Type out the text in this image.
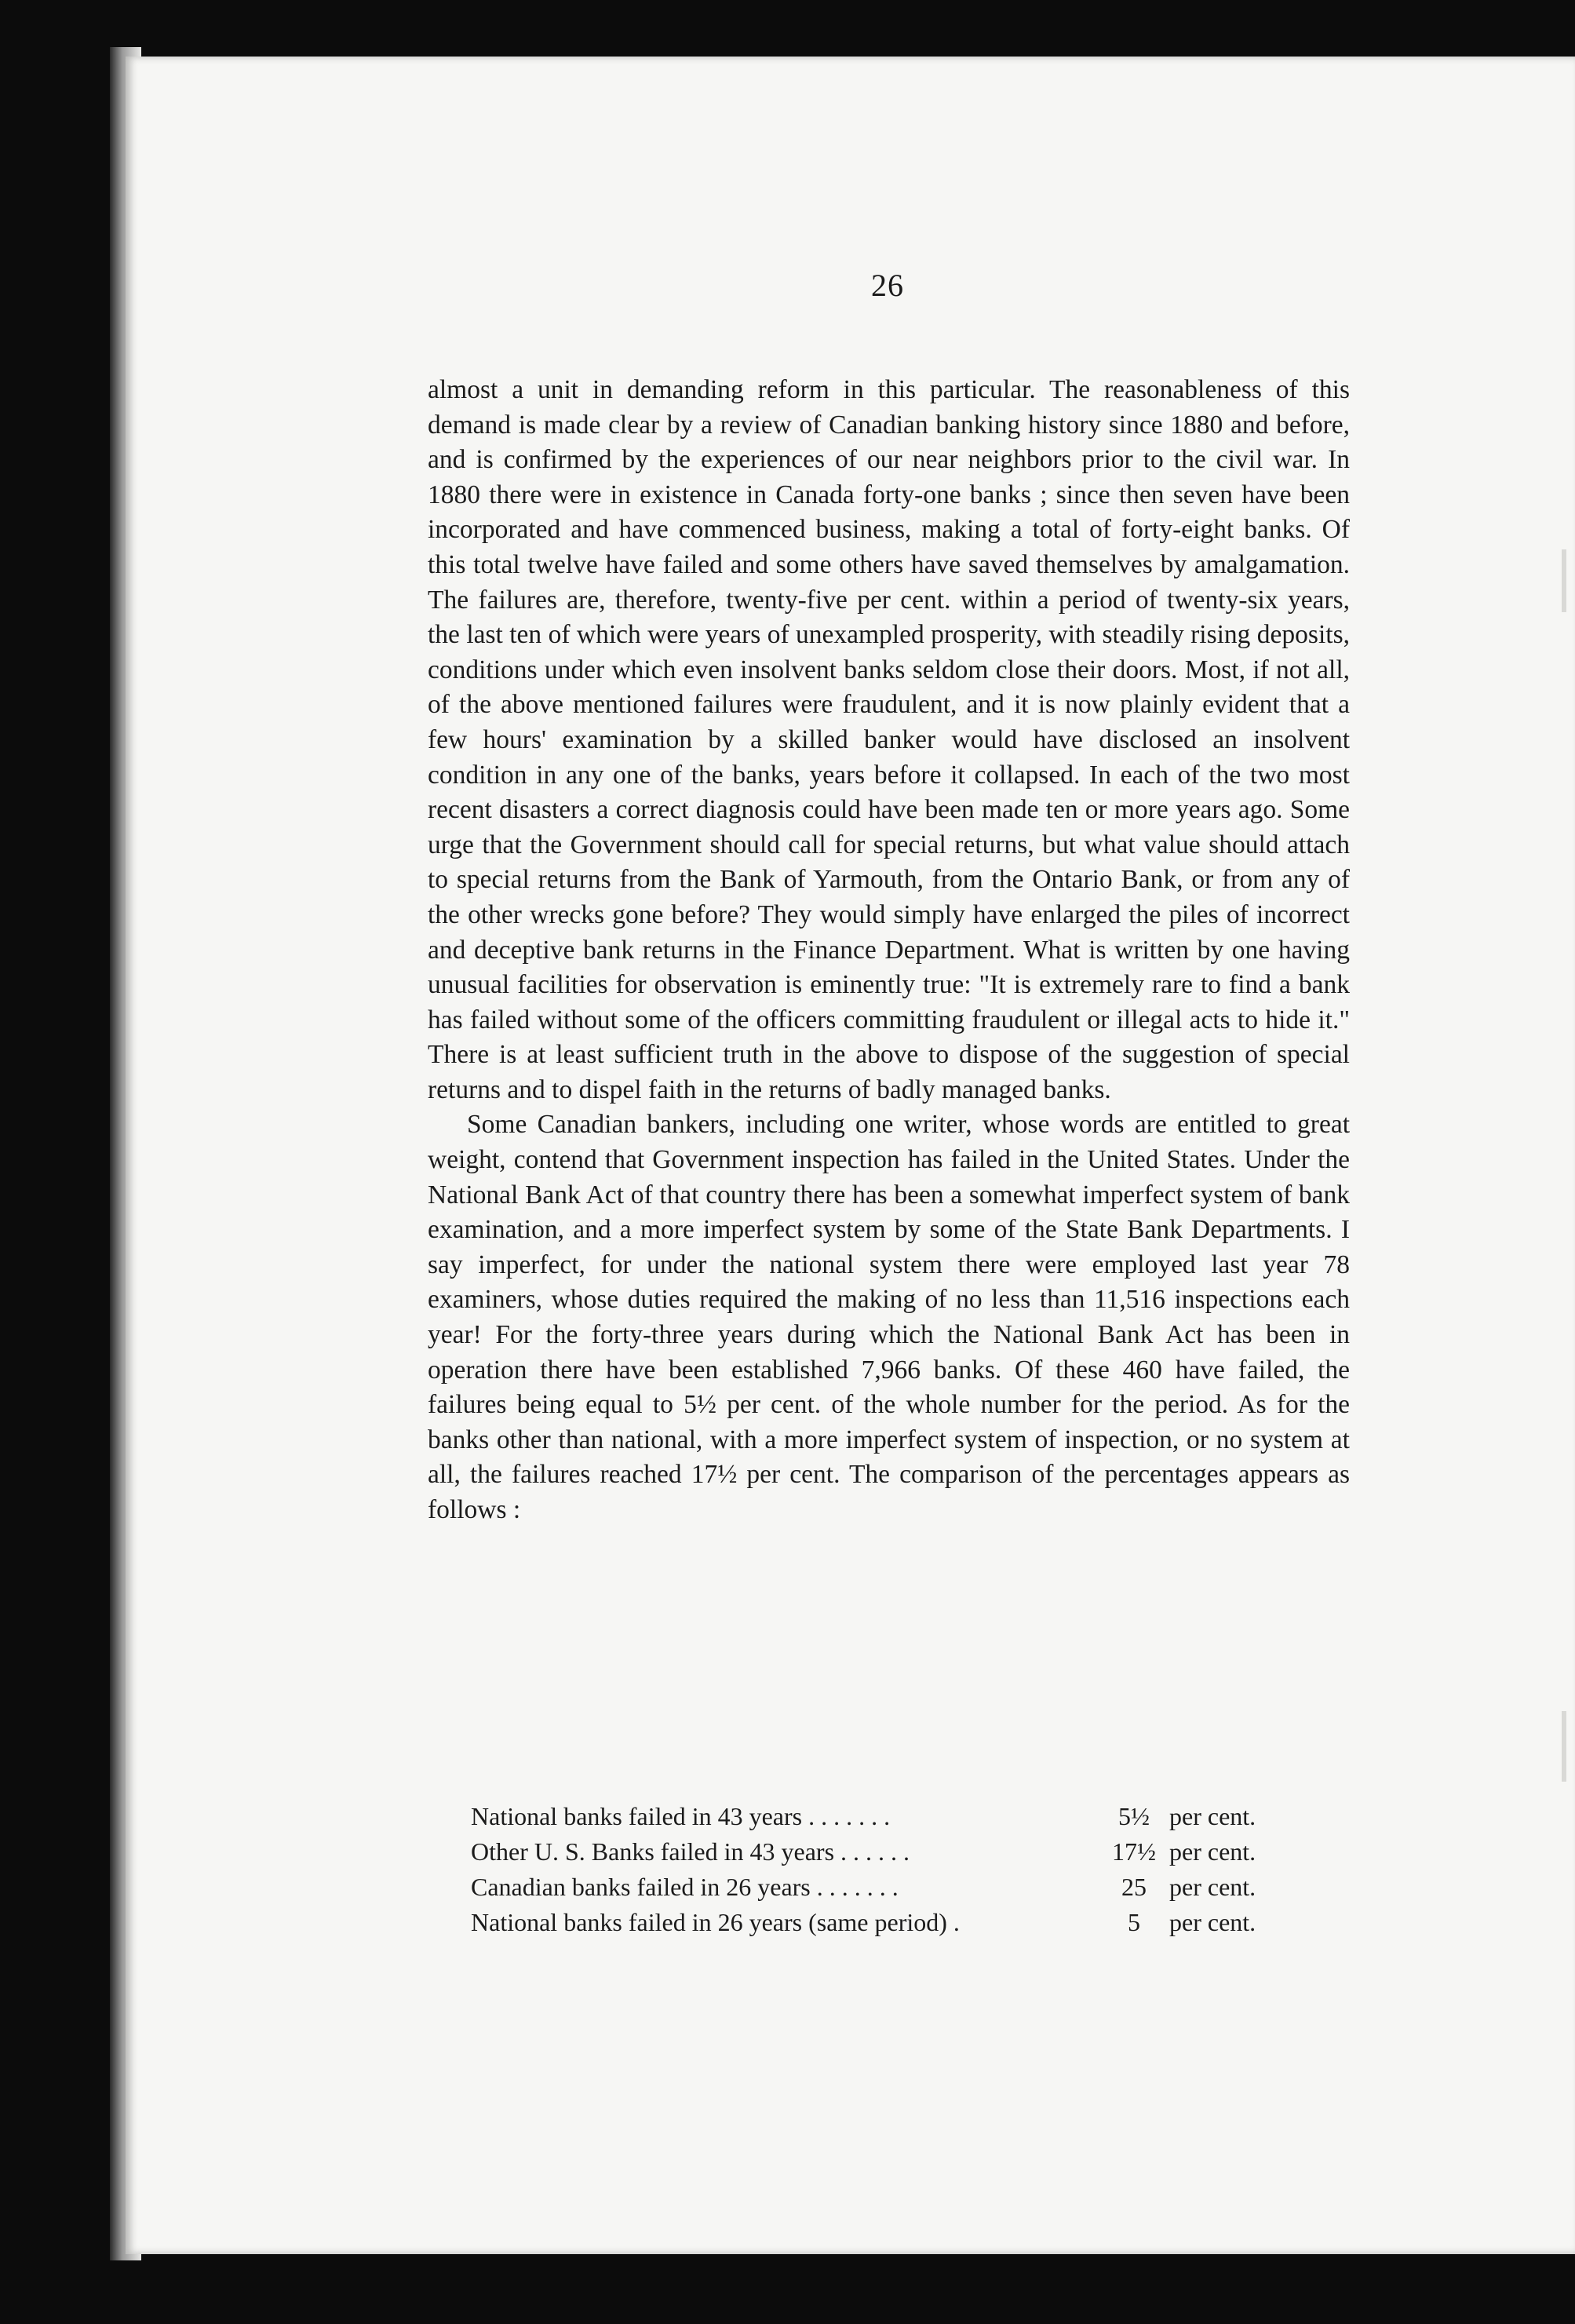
26

almost a unit in demanding reform in this particular. The reasonableness of this demand is made clear by a review of Canadian banking history since 1880 and before, and is confirmed by the experiences of our near neighbors prior to the civil war. In 1880 there were in existence in Canada forty-one banks ; since then seven have been incorporated and have commenced business, making a total of forty-eight banks. Of this total twelve have failed and some others have saved themselves by amalgamation. The failures are, therefore, twenty-five per cent. within a period of twenty-six years, the last ten of which were years of unexampled prosperity, with steadily rising deposits, conditions under which even insolvent banks seldom close their doors. Most, if not all, of the above mentioned failures were fraudulent, and it is now plainly evident that a few hours' examination by a skilled banker would have disclosed an insolvent condition in any one of the banks, years before it collapsed. In each of the two most recent disasters a correct diagnosis could have been made ten or more years ago. Some urge that the Government should call for special returns, but what value should attach to special returns from the Bank of Yarmouth, from the Ontario Bank, or from any of the other wrecks gone before? They would simply have enlarged the piles of incorrect and deceptive bank returns in the Finance Department. What is written by one having unusual facilities for observation is eminently true: "It is extremely rare to find a bank has failed without some of the officers committing fraudulent or illegal acts to hide it." There is at least sufficient truth in the above to dispose of the suggestion of special returns and to dispel faith in the returns of badly managed banks.

Some Canadian bankers, including one writer, whose words are entitled to great weight, contend that Government inspection has failed in the United States. Under the National Bank Act of that country there has been a somewhat imperfect system of bank examination, and a more imperfect system by some of the State Bank Departments. I say imperfect, for under the national system there were employed last year 78 examiners, whose duties required the making of no less than 11,516 inspections each year! For the forty-three years during which the National Bank Act has been in operation there have been established 7,966 banks. Of these 460 have failed, the failures being equal to 5½ per cent. of the whole number for the period. As for the banks other than national, with a more imperfect system of inspection, or no system at all, the failures reached 17½ per cent. The comparison of the percentages appears as follows :

National banks failed in 43 years . . . . . . .	5½ per cent.
Other U. S. Banks failed in 43 years . . . . . .	17½ per cent.
Canadian banks failed in 26 years . . . . . . .	25 per cent.
National banks failed in 26 years (same period) .	5	per cent.
